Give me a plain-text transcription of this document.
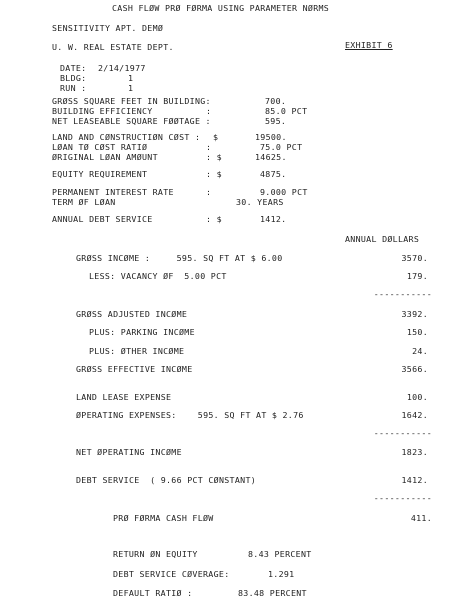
CASH FLØW PRØ FØRMA USING PARAMETER NØRMS
SENSITIVITY APT. DEMØ
U. W. REAL ESTATE DEPT.	EXHIBIT 6
DATE: 2/14/1977
BLDG:	1
RUN :	1
GRØSS SQUARE FEET IN BUILDING:	700.
BUILDING EFFICIENCY	:	85.0 PCT
NET LEASEABLE SQUARE FØØTAGE :	595.
LAND AND CØNSTRUCTIØN CØST : $	19500.
LØAN TØ CØST RATIØ	:	75.0 PCT
ØRIGINAL LØAN AMØUNT	: $	14625.
EQUITY REQUIREMENT	: $	4875.
PERMANENT INTEREST RATE	:	9.000 PCT
TERM ØF LØAN	30. YEARS
ANNUAL DEBT SERVICE	: $	1412.
ANNUAL DØLLARS
GRØSS INCØME :     595. SQ FT AT $ 6.00	3570.
LESS: VACANCY ØF  5.00 PCT	179.
-----------
GRØSS ADJUSTED INCØME	3392.
PLUS: PARKING INCØME	150.
PLUS: ØTHER INCØME	24.
GRØSS EFFECTIVE INCØME	3566.
LAND LEASE EXPENSE	100.
ØPERATING EXPENSES:    595. SQ FT AT $ 2.76	1642.
-----------
NET ØPERATING INCØME	1823.
DEBT SERVICE  ( 9.66 PCT CØNSTANT)	1412.
-----------
PRØ FØRMA CASH FLØW	411.
RETURN ØN EQUITY	8.43 PERCENT
DEBT SERVICE CØVERAGE:	1.291
DEFAULT RATIØ :	83.48 PERCENT
